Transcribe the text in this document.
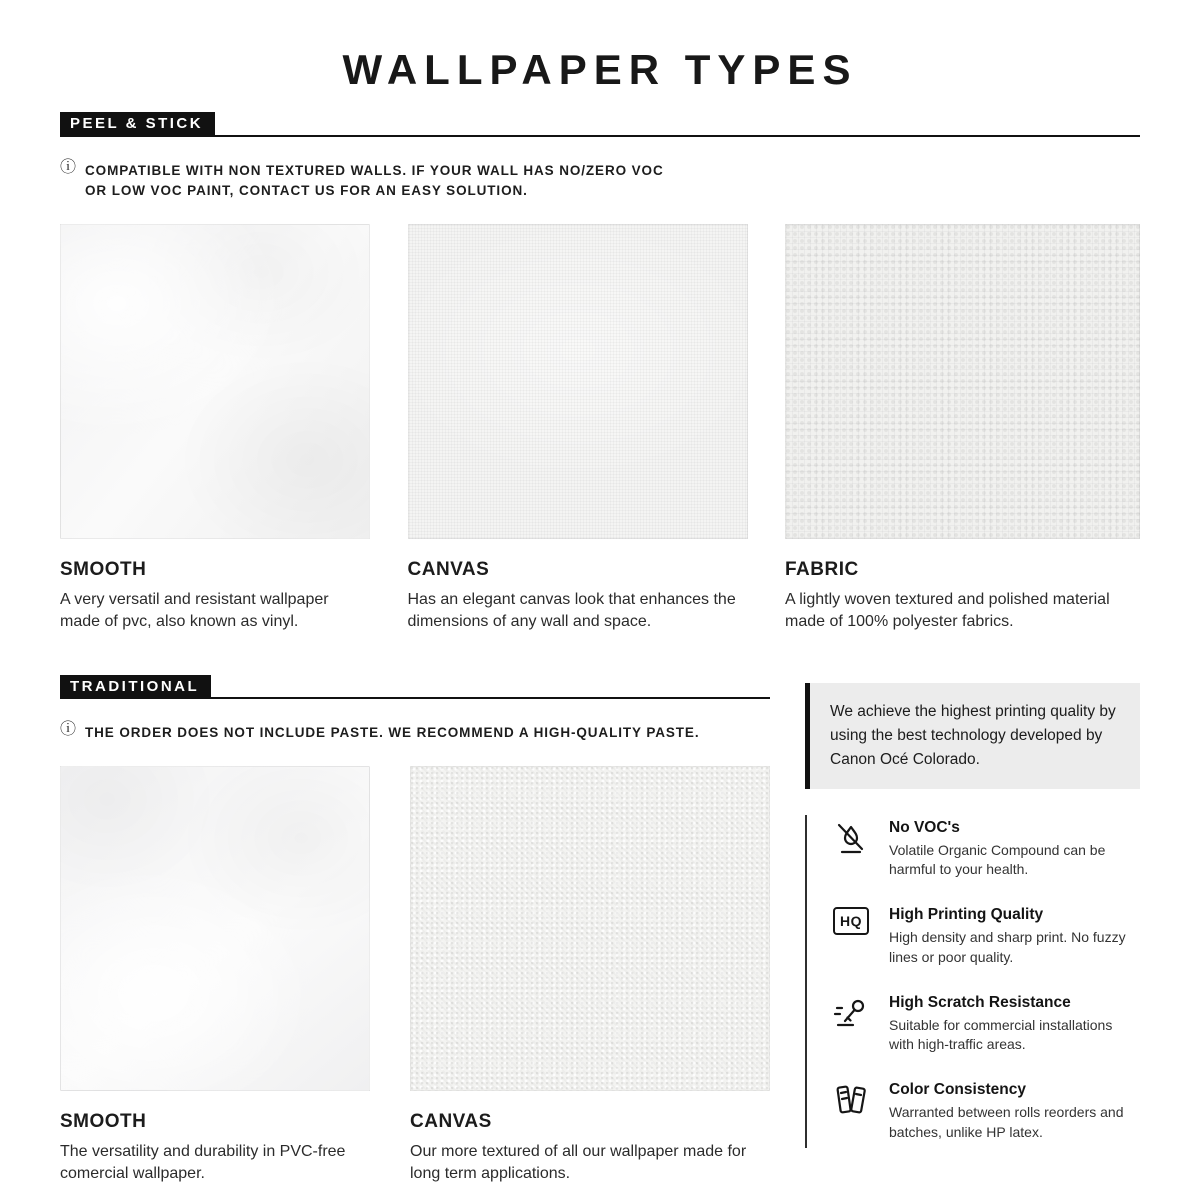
WALLPAPER TYPES
PEEL & STICK
ⓘ COMPATIBLE WITH NON TEXTURED WALLS. IF YOUR WALL HAS NO/ZERO VOC OR LOW VOC PAINT, CONTACT US FOR AN EASY SOLUTION.
SMOOTH

A very versatil and resistant wallpaper made of pvc, also known as vinyl.

CANVAS

Has an elegant canvas look that enhances the dimensions of any wall and space.

FABRIC

A lightly woven textured and polished material made of 100% polyester fabrics.

TRADITIONAL
ⓘ THE ORDER DOES NOT INCLUDE PASTE. WE RECOMMEND A HIGH-QUALITY PASTE.
SMOOTH

The versatility and durability in PVC-free comercial wallpaper.

CANVAS

Our more textured of all our wallpaper made for long term applications.

We achieve the highest printing quality by using the best technology developed by Canon Océ Colorado.
No VOC's

Volatile Organic Compound can be harmful to your health.

HQ	High Printing Quality

High density and sharp print. No fuzzy lines or poor quality.

High Scratch Resistance

Suitable for commercial installations with high-traffic areas.

Color Consistency

Warranted between rolls reorders and batches, unlike HP latex.
